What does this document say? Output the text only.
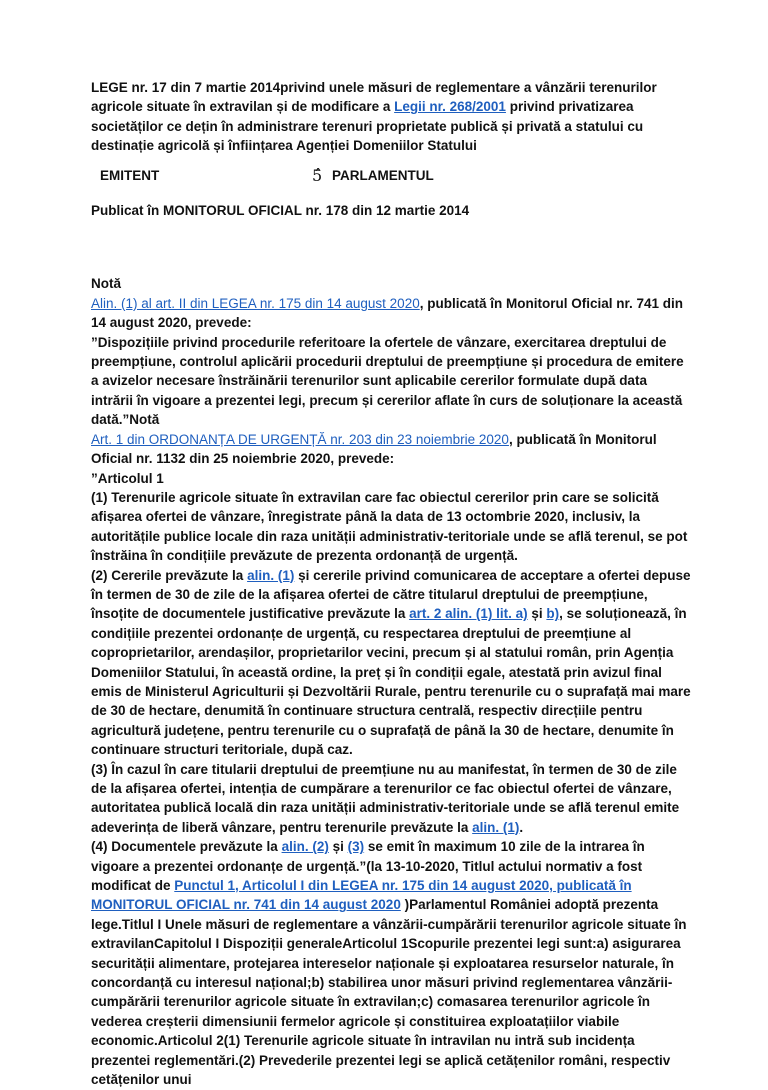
LEGE nr. 17 din 7 martie 2014privind unele măsuri de reglementare a vânzării terenurilor agricole situate în extravilan și de modificare a Legii nr. 268/2001 privind privatizarea societăților ce dețin în administrare terenuri proprietate publică și privată a statului cu destinație agricolă și înființarea Agenției Domeniilor Statului

EMITENT	5̂ PARLAMENTUL
Publicat în MONITORUL OFICIAL nr. 178 din 12 martie 2014
Notă

Alin. (1) al art. II din LEGEA nr. 175 din 14 august 2020, publicată în Monitorul Oficial nr. 741 din 14 august 2020, prevede:

”Dispozițiile privind procedurile referitoare la ofertele de vânzare, exercitarea dreptului de preempțiune, controlul aplicării procedurii dreptului de preempțiune și procedura de emitere a avizelor necesare înstrăinării terenurilor sunt aplicabile cererilor formulate după data intrării în vigoare a prezentei legi, precum și cererilor aflate în curs de soluționare la această dată.”Notă

Art. 1 din ORDONANȚA DE URGENȚĂ nr. 203 din 23 noiembrie 2020, publicată în Monitorul Oficial nr. 1132 din 25 noiembrie 2020, prevede:

”Articolul 1

(1) Terenurile agricole situate în extravilan care fac obiectul cererilor prin care se solicită afișarea ofertei de vânzare, înregistrate până la data de 13 octombrie 2020, inclusiv, la autoritățile publice locale din raza unității administrativ-teritoriale unde se află terenul, se pot înstrăina în condițiile prevăzute de prezenta ordonanță de urgență.

(2) Cererile prevăzute la alin. (1) și cererile privind comunicarea de acceptare a ofertei depuse în termen de 30 de zile de la afișarea ofertei de către titularul dreptului de preempțiune, însoțite de documentele justificative prevăzute la art. 2 alin. (1) lit. a) și b), se soluționează, în condițiile prezentei ordonanțe de urgență, cu respectarea dreptului de preemțiune al coproprietarilor, arendașilor, proprietarilor vecini, precum și al statului român, prin Agenția Domeniilor Statului, în această ordine, la preț și în condiții egale, atestată prin avizul final emis de Ministerul Agriculturii și Dezvoltării Rurale, pentru terenurile cu o suprafață mai mare de 30 de hectare, denumită în continuare structura centrală, respectiv direcțiile pentru agricultură județene, pentru terenurile cu o suprafață de până la 30 de hectare, denumite în continuare structuri teritoriale, după caz.

(3) În cazul în care titularii dreptului de preemțiune nu au manifestat, în termen de 30 de zile de la afișarea ofertei, intenția de cumpărare a terenurilor ce fac obiectul ofertei de vânzare, autoritatea publică locală din raza unității administrativ-teritoriale unde se află terenul emite adeverința de liberă vânzare, pentru terenurile prevăzute la alin. (1).

(4) Documentele prevăzute la alin. (2) și (3) se emit în maximum 10 zile de la intrarea în vigoare a prezentei ordonanțe de urgență.”(la 13-10-2020, Titlul actului normativ a fost modificat de Punctul 1, Articolul I din LEGEA nr. 175 din 14 august 2020, publicată în MONITORUL OFICIAL nr. 741 din 14 august 2020 )Parlamentul României adoptă prezenta lege.Titlul I Unele măsuri de reglementare a vânzării-cumpărării terenurilor agricole situate în extravilanCapitolul I Dispoziții generaleArticolul 1Scopurile prezentei legi sunt:a) asigurarea securității alimentare, protejarea intereselor naționale și exploatarea resurselor naturale, în concordanță cu interesul național;b) stabilirea unor măsuri privind reglementarea vânzării-cumpărării terenurilor agricole situate în extravilan;c) comasarea terenurilor agricole în vederea creșterii dimensiunii fermelor agricole și constituirea exploatațiilor viabile economic.Articolul 2(1) Terenurile agricole situate în intravilan nu intră sub incidența prezentei reglementări.(2) Prevederile prezentei legi se aplică cetățenilor români, respectiv cetățenilor unui
